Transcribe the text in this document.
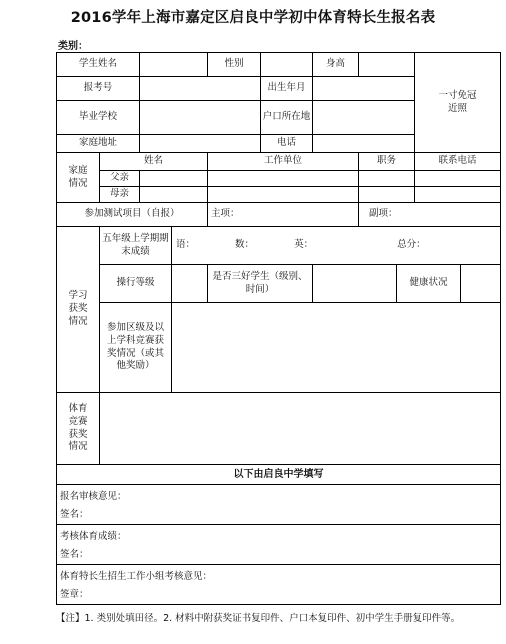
2016学年上海市嘉定区启良中学初中体育特长生报名表
类别：
学生姓名				性别		身高			一寸免冠近照	
报考号					出生年月					
毕业学校					户口所在地					
家庭地址					电话					
家庭情况	姓名			工作单位			职务		联系电话	
	父亲									
	母亲									
参加测试项目（自报）				主项：			副项：			
学习获奖情况	五年级上学期期末成绩		语： 数： 英： 总分：							
	操行等级			是否三好学生（级别、时间）				健康状况		
	参加区级及以上学科竞赛获奖情况（或其他奖励）									
体育竞赛获奖情况										
以下由启良中学填写										

报名审核意见：
签名：										

考核体育成绩：
签名：										

体育特长生招生工作小组考核意见：
签章：										
【注】1. 类别处填田径。2. 材料中附获奖证书复印件、户口本复印件、初中学生手册复印件等。
